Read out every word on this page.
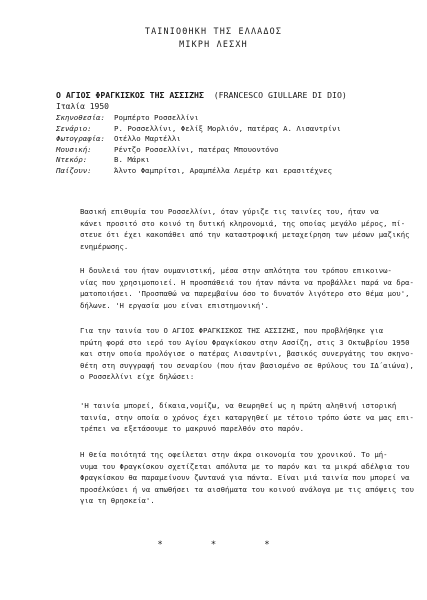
ΤΑΙΝΙΟΘΗΚΗ ΤΗΣ ΕΛΛΑΔΟΣ
ΜΙΚΡΗ ΛΕΣΧΗ
Ο ΑΓΙΟΣ ΦΡΑΓΚΙΣΚΟΣ ΤΗΣ ΑΣΣΙΖΗΣ (FRANCESCO GIULLARE DI DIO)
Ιταλία 1950
Σκηνοθεσία:	Ρομπέρτο Ροσσελλίνι
Σενάριο:	Ρ. Ροσσελλίνι, Φελίξ Μορλιόν, πατέρας Α. Λισαντρίνι
Φωτογραφία:	Οτέλλο Μαρτέλλι
Μουσική:	Ρέντζο Ροσσελλίνι, πατέρας Μπουοντόνο
Ντεκόρ:	Β. Μάρκι
Παίζουν:	Άλντο Φαμπρίτσι, Αραμπέλλα Λεμέτρ και ερασιτέχνες
Βασική επιθυμία του Ροσσελλίνι, όταν γύριζε τις ταινίες του, ήταν να
κάνει προσιτό στο κοινό τη δυτική κληρονομιά, της οποίας μεγάλο μέρος, πί-
στευε ότι έχει κακοπάθει από την καταστροφική μεταχείρηση των μέσων μαζικής
ενημέρωσης.
Η δουλειά του ήταν ουμανιστική, μέσα στην απλότητα του τρόπου επικοινω-
νίας που χρησιμοποιεί. Η προσπάθειά του ήταν πάντα να προβάλλει παρά να δρα-
ματοποιήσει. 'Προσπαθώ να παρεμβαίνω όσο το δυνατόν λιγότερο στο θέμα μου',
δήλωνε. 'Η εργασία μου είναι επιστημονική'.
Για την ταινία του Ο ΑΓΙΟΣ ΦΡΑΓΚΙΣΚΟΣ ΤΗΣ ΑΣΣΙΖΗΣ, που προβλήθηκε για
πρώτη φορά στο ιερό του Αγίου Φραγκίσκου στην Ασσίζη, στις 3 Οκτωβρίου 1950
και στην οποία προλόγισε ο πατέρας Λισαντρίνι, βασικός συνεργάτης του σκηνο-
θέτη στη συγγραφή του σεναρίου (που ήταν βασισμένο σε θρύλους του ΙΔ΄αιώνα),
ο Ροσσελλίνι είχε δηλώσει:
'Η ταινία μπορεί, δίκαια,νομίζω, να θεωρηθεί ως η πρώτη αληθινή ιστορική
ταινία, στην οποία ο χρόνος έχει καταργηθεί με τέτοιο τρόπο ώστε να μας επι-
τρέπει να εξετάσουμε το μακρυνό παρελθόν στο παρόν.
Η θεία ποιότητά της οφείλεται στην άκρα οικονομία του χρονικού. Το μή-
νυμα του Φραγκίσκου σχετίζεται απόλυτα με το παρόν και τα μικρά αδέλφια του
Φραγκίσκου θα παραμείνουν ζωντανά για πάντα. Είναι μιά ταινία που μπορεί να
προσέλκύσει ή να απωθήσει τα αισθήματα του κοινού ανάλογα με τις απόψεις του
για τη θρησκεία'.
*	*	*
